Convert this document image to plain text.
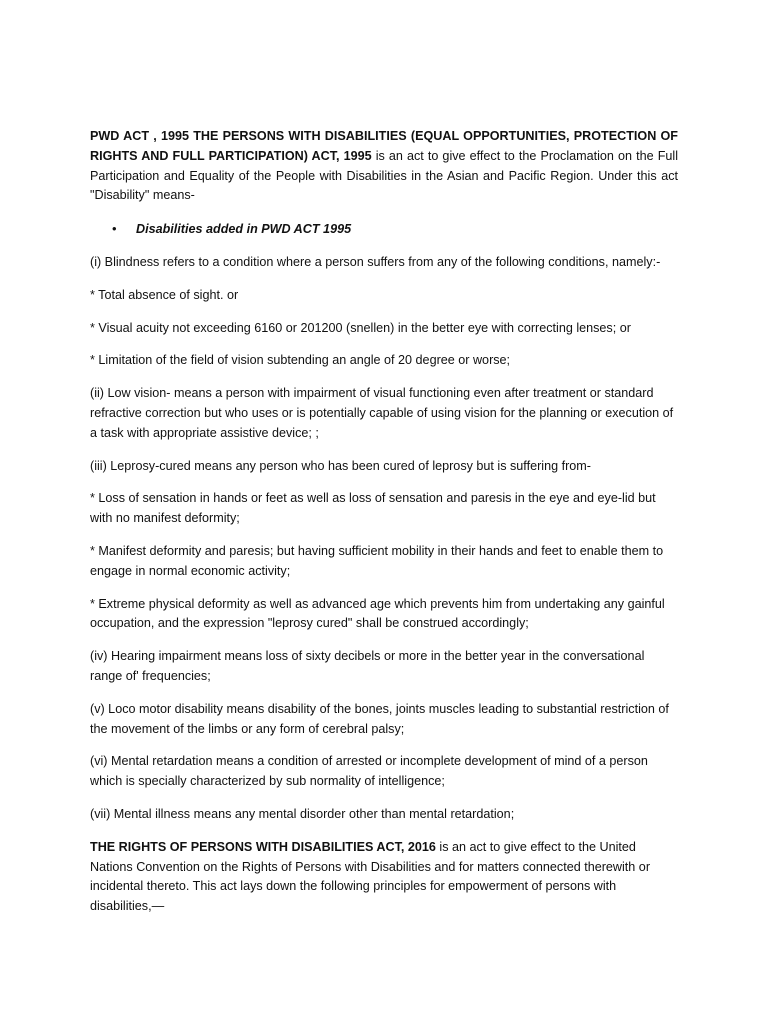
PWD ACT , 1995 THE PERSONS WITH DISABILITIES (EQUAL OPPORTUNITIES, PROTECTION OF RIGHTS AND FULL PARTICIPATION) ACT, 1995 is an act to give effect to the Proclamation on the Full Participation and Equality of the People with Disabilities in the Asian and Pacific Region. Under this act "Disability" means-

•	Disabilities added in PWD ACT 1995

(i) Blindness refers to a condition where a person suffers from any of the following conditions, namely:-

* Total absence of sight. or

* Visual acuity not exceeding 6160 or 201200 (snellen) in the better eye with correcting lenses; or

* Limitation of the field of vision subtending an angle of 20 degree or worse;

(ii) Low vision- means a person with impairment of visual functioning even after treatment or standard refractive correction but who uses or is potentially capable of using vision for the planning or execution of a task with appropriate assistive device; ;

(iii) Leprosy-cured means any person who has been cured of leprosy but is suffering from-

* Loss of sensation in hands or feet as well as loss of sensation and paresis in the eye and eye-lid but with no manifest deformity;

* Manifest deformity and paresis; but having sufficient mobility in their hands and feet to enable them to engage in normal economic activity;

* Extreme physical deformity as well as advanced age which prevents him from undertaking any gainful occupation, and the expression "leprosy cured" shall be construed accordingly;

(iv) Hearing impairment means loss of sixty decibels or more in the better year in the conversational range of' frequencies;

(v) Loco motor disability means disability of the bones, joints muscles leading to substantial restriction of the movement of the limbs or any form of cerebral palsy;

(vi) Mental retardation means a condition of arrested or incomplete development of mind of a person which is specially characterized by sub normality of intelligence;

(vii) Mental illness means any mental disorder other than mental retardation;

THE RIGHTS OF PERSONS WITH DISABILITIES ACT, 2016 is an act to give effect to the United Nations Convention on the Rights of Persons with Disabilities and for matters connected therewith or incidental thereto. This act lays down the following principles for empowerment of persons with disabilities,—
